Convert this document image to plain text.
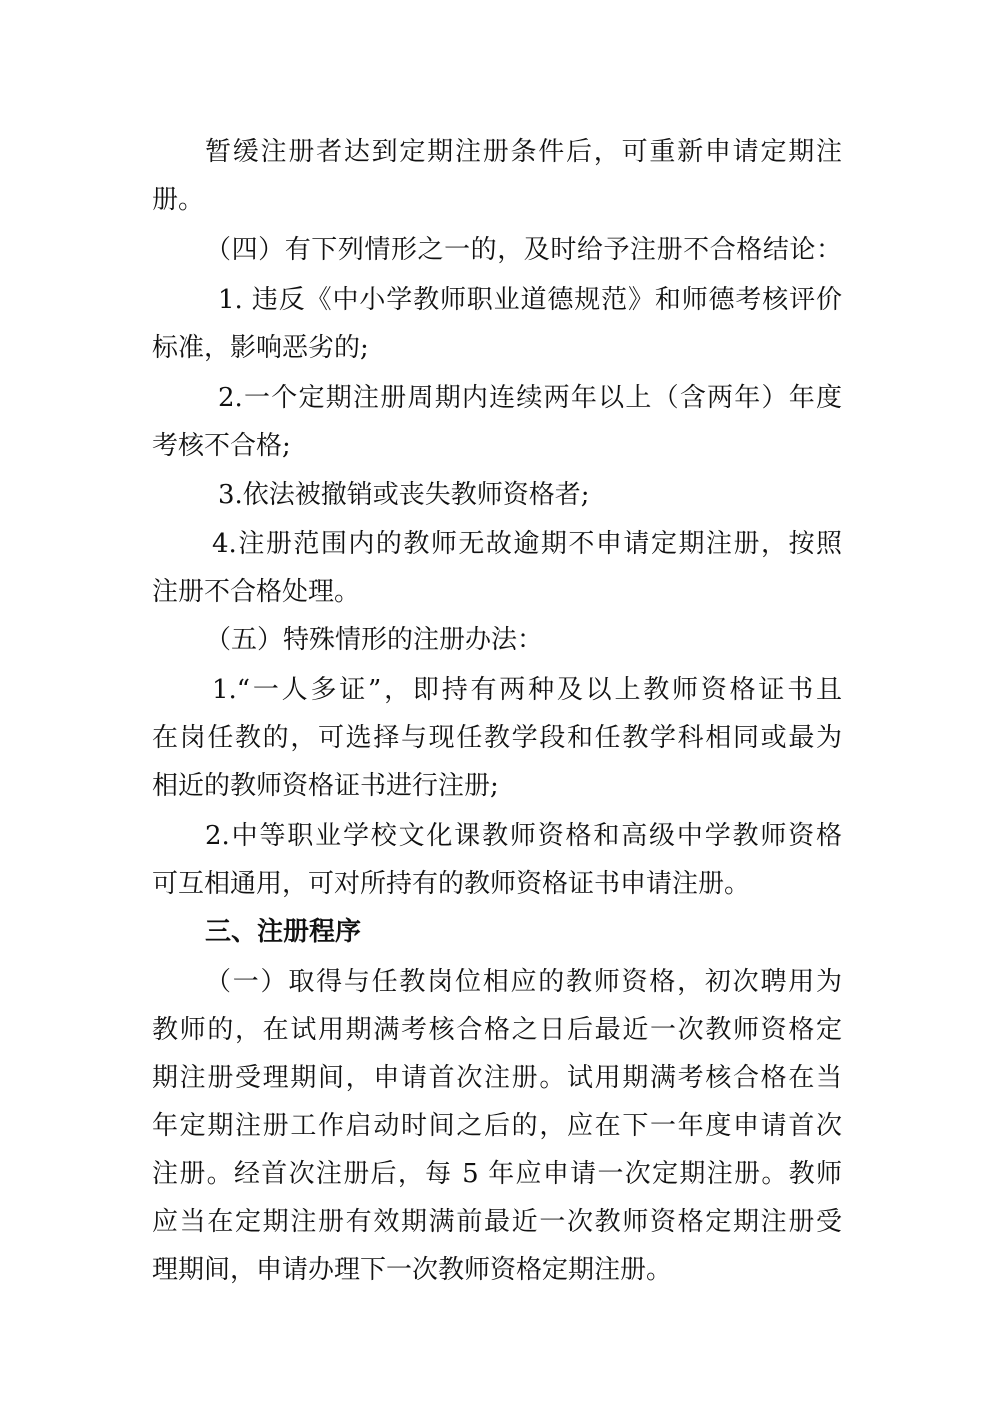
暂缓注册者达到定期注册条件后，可重新申请定期注
册。
（四）有下列情形之一的，及时给予注册不合格结论：
1. 违反《中小学教师职业道德规范》和师德考核评价
标准，影响恶劣的;
2.一个定期注册周期内连续两年以上（含两年）年度
考核不合格;
3.依法被撤销或丧失教师资格者;
4.注册范围内的教师无故逾期不申请定期注册，按照
注册不合格处理。
（五）特殊情形的注册办法：
1.“一人多证”，即持有两种及以上教师资格证书且
在岗任教的，可选择与现任教学段和任教学科相同或最为
相近的教师资格证书进行注册;
2.中等职业学校文化课教师资格和高级中学教师资格
可互相通用，可对所持有的教师资格证书申请注册。
三、注册程序
（一）取得与任教岗位相应的教师资格，初次聘用为
教师的，在试用期满考核合格之日后最近一次教师资格定
期注册受理期间，申请首次注册。试用期满考核合格在当
年定期注册工作启动时间之后的，应在下一年度申请首次
注册。经首次注册后，每 5 年应申请一次定期注册。教师
应当在定期注册有效期满前最近一次教师资格定期注册受
理期间，申请办理下一次教师资格定期注册。
